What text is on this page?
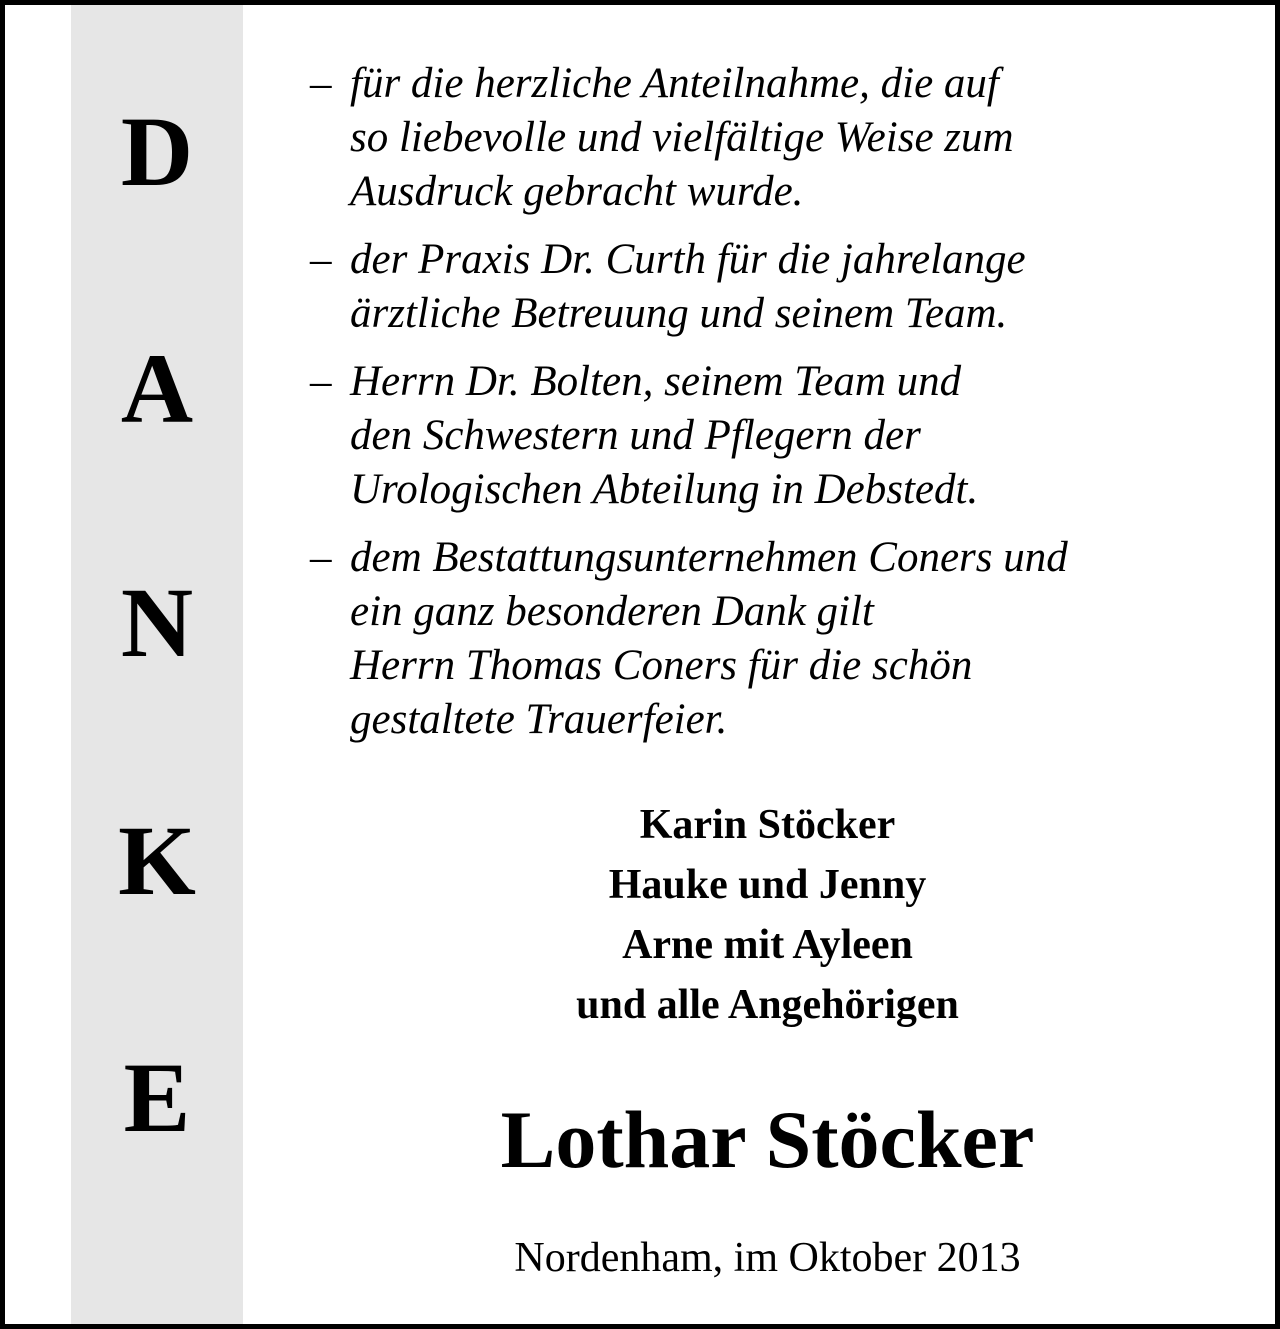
D
A
N
K
E
– für die herzliche Anteilnahme, die auf
so liebevolle und vielfältige Weise zum
Ausdruck gebracht wurde.
– der Praxis Dr. Curth für die jahrelange
ärztliche Betreuung und seinem Team.
– Herrn Dr. Bolten, seinem Team und
den Schwestern und Pflegern der
Urologischen Abteilung in Debstedt.
– dem Bestattungsunternehmen Coners und
ein ganz besonderen Dank gilt
Herrn Thomas Coners für die schön
gestaltete Trauerfeier.
Karin Stöcker
Hauke und Jenny
Arne mit Ayleen
und alle Angehörigen
Lothar Stöcker
Nordenham, im Oktober 2013
